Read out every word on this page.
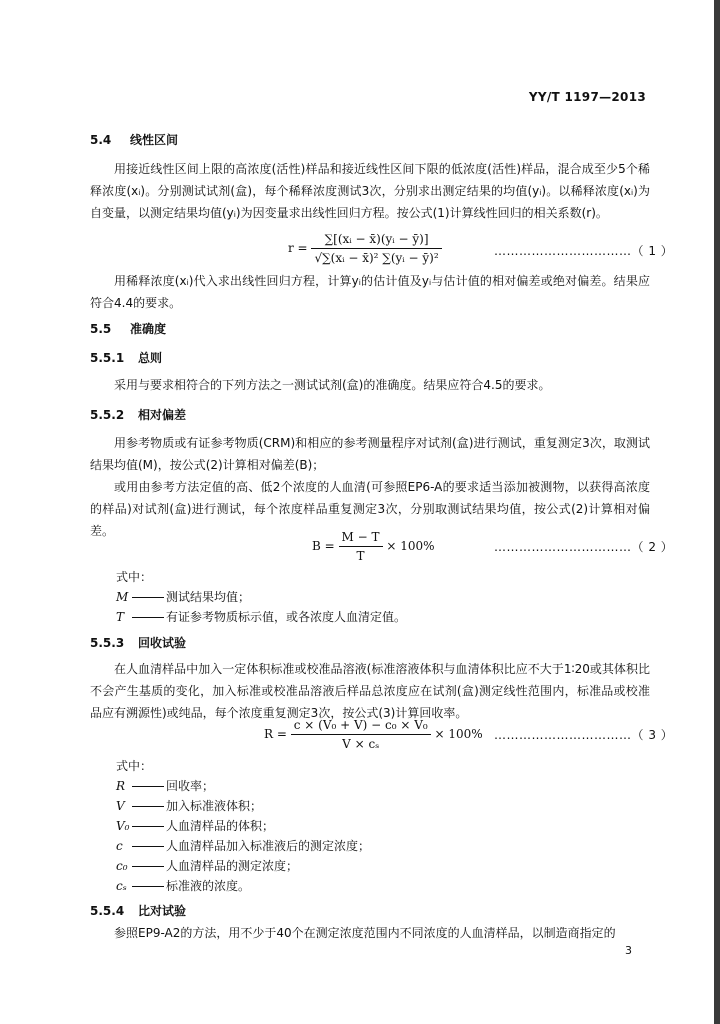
YY/T 1197—2013
5.4 线性区间
用接近线性区间上限的高浓度(活性)样品和接近线性区间下限的低浓度(活性)样品，混合成至少5个稀释浓度(xᵢ)。分别测试试剂(盒)，每个稀释浓度测试3次，分别求出测定结果的均值(yᵢ)。以稀释浓度(xᵢ)为自变量，以测定结果均值(yᵢ)为因变量求出线性回归方程。按公式(1)计算线性回归的相关系数(r)。
$r = \frac{\text{∑[(xᵢ − x̄)(yᵢ − ȳ)]}}{\text{√∑(xᵢ − x̄)² ∑(yᵢ − ȳ)²}}$	……………………………（ 1 ）
用稀释浓度(xᵢ)代入求出线性回归方程，计算yᵢ的估计值及yᵢ与估计值的相对偏差或绝对偏差。结果应符合4.4的要求。
5.5 准确度
5.5.1 总则
采用与要求相符合的下列方法之一测试试剂(盒)的准确度。结果应符合4.5的要求。
5.5.2 相对偏差
用参考物质或有证参考物质(CRM)和相应的参考测量程序对试剂(盒)进行测试，重复测定3次，取测试结果均值(M)，按公式(2)计算相对偏差(B)；
或用由参考方法定值的高、低2个浓度的人血清(可参照EP6-A的要求适当添加被测物，以获得高浓度的样品)对试剂(盒)进行测试，每个浓度样品重复测定3次，分别取测试结果均值，按公式(2)计算相对偏差。
$B = \frac{M - T}{T} \times 100\%$	……………………………（ 2 ）
式中：
M	测试结果均值；
T	有证参考物质标示值，或各浓度人血清定值。
5.5.3 回收试验
在人血清样品中加入一定体积标准或校准品溶液(标准溶液体积与血清体积比应不大于1∶20或其体积比不会产生基质的变化，加入标准或校准品溶液后样品总浓度应在试剂(盒)测定线性范围内，标准品或校准品应有溯源性)或纯品，每个浓度重复测定3次，按公式(3)计算回收率。
$R = \frac{\text{c × (V₀ + V) − c₀ × V₀}}{\text{V × cₛ}} \times 100\%$ ……………………………（ 3 ）
式中：
R	回收率；
V	加入标准液体积；
V₀	人血清样品的体积；
c	人血清样品加入标准液后的测定浓度；
c₀	人血清样品的测定浓度；
cₛ	标准液的浓度。
5.5.4 比对试验
参照EP9-A2的方法，用不少于40个在测定浓度范围内不同浓度的人血清样品，以制造商指定的
3
